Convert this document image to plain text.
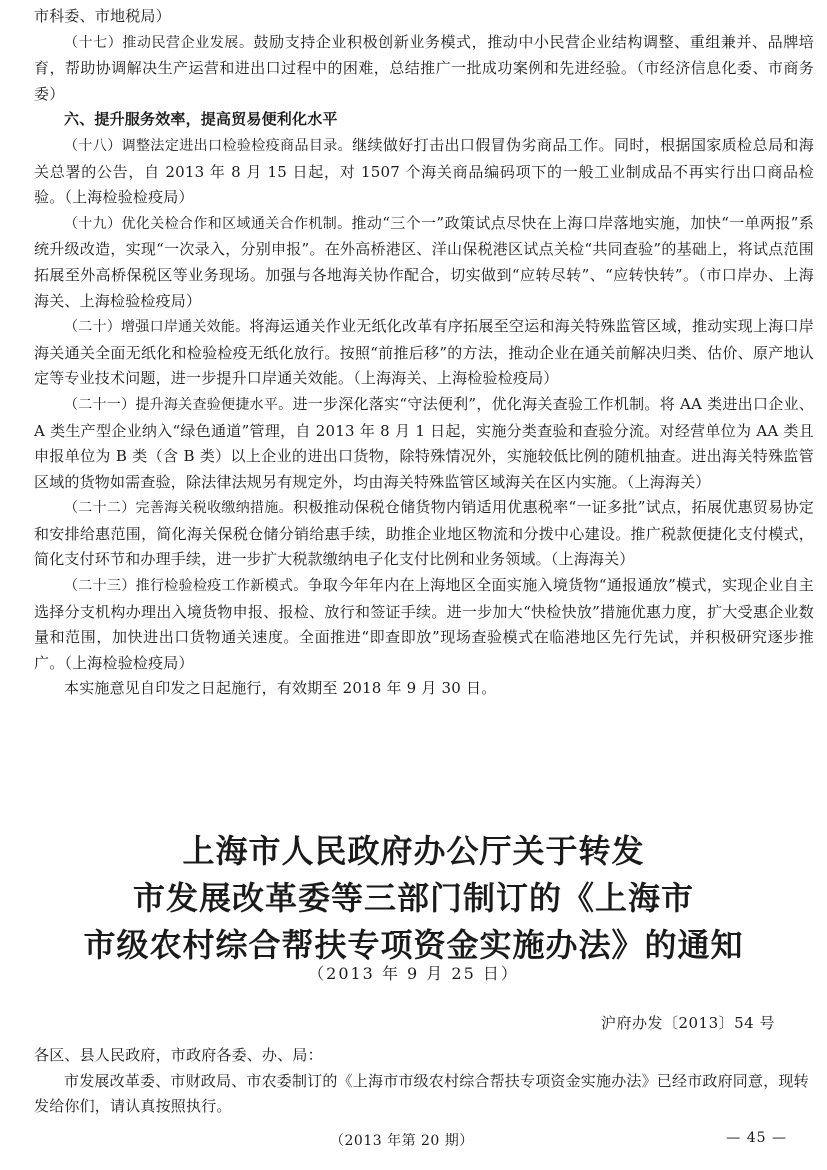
市科委、市地税局）

（十七）推动民营企业发展。鼓励支持企业积极创新业务模式，推动中小民营企业结构调整、重组兼并、品牌培育，帮助协调解决生产运营和进出口过程中的困难，总结推广一批成功案例和先进经验。（市经济信息化委、市商务委）

六、提升服务效率，提高贸易便利化水平

（十八）调整法定进出口检验检疫商品目录。继续做好打击出口假冒伪劣商品工作。同时，根据国家质检总局和海关总署的公告，自 2013 年 8 月 15 日起，对 1507 个海关商品编码项下的一般工业制成品不再实行出口商品检验。（上海检验检疫局）

（十九）优化关检合作和区域通关合作机制。推动“三个一”政策试点尽快在上海口岸落地实施，加快“一单两报”系统升级改造，实现“一次录入，分别申报”。在外高桥港区、洋山保税港区试点关检“共同查验”的基础上，将试点范围拓展至外高桥保税区等业务现场。加强与各地海关协作配合，切实做到“应转尽转”、“应转快转”。（市口岸办、上海海关、上海检验检疫局）

（二十）增强口岸通关效能。将海运通关作业无纸化改革有序拓展至空运和海关特殊监管区域，推动实现上海口岸海关通关全面无纸化和检验检疫无纸化放行。按照“前推后移”的方法，推动企业在通关前解决归类、估价、原产地认定等专业技术问题，进一步提升口岸通关效能。（上海海关、上海检验检疫局）

（二十一）提升海关查验便捷水平。进一步深化落实“守法便利”，优化海关查验工作机制。将 AA 类进出口企业、A 类生产型企业纳入“绿色通道”管理，自 2013 年 8 月 1 日起，实施分类查验和查验分流。对经营单位为 AA 类且申报单位为 B 类（含 B 类）以上企业的进出口货物，除特殊情况外，实施较低比例的随机抽查。进出海关特殊监管区域的货物如需查验，除法律法规另有规定外，均由海关特殊监管区域海关在区内实施。（上海海关）

（二十二）完善海关税收缴纳措施。积极推动保税仓储货物内销适用优惠税率“一证多批”试点，拓展优惠贸易协定和安排给惠范围，简化海关保税仓储分销给惠手续，助推企业地区物流和分拨中心建设。推广税款便捷化支付模式，简化支付环节和办理手续，进一步扩大税款缴纳电子化支付比例和业务领域。（上海海关）

（二十三）推行检验检疫工作新模式。争取今年年内在上海地区全面实施入境货物“通报通放”模式，实现企业自主选择分支机构办理出入境货物申报、报检、放行和签证手续。进一步加大“快检快放”措施优惠力度，扩大受惠企业数量和范围，加快进出口货物通关速度。全面推进“即查即放”现场查验模式在临港地区先行先试，并积极研究逐步推广。（上海检验检疫局）

本实施意见自印发之日起施行，有效期至 2018 年 9 月 30 日。

上海市人民政府办公厅关于转发
市发展改革委等三部门制订的《上海市
市级农村综合帮扶专项资金实施办法》的通知
（2013 年 9 月 25 日）
沪府办发〔2013〕54 号

各区、县人民政府，市政府各委、办、局：

市发展改革委、市财政局、市农委制订的《上海市市级农村综合帮扶专项资金实施办法》已经市政府同意，现转发给你们，请认真按照执行。

（2013 年第 20 期）	— 45 —
